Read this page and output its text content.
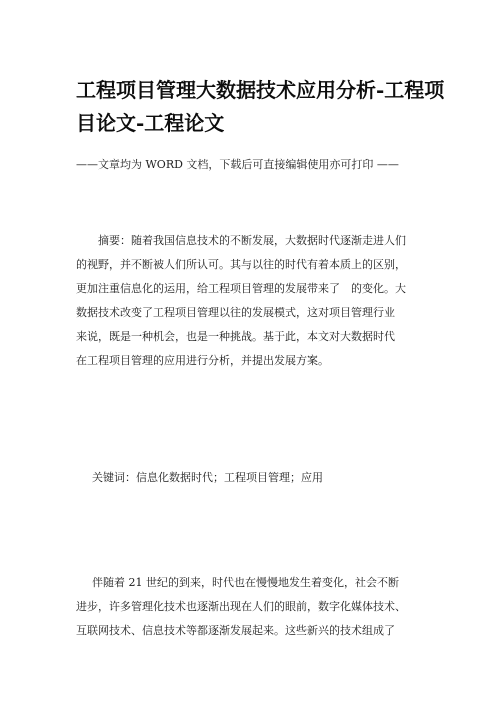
工程项目管理大数据技术应用分析-工程项
目论文-工程论文
——文章均为 WORD 文档，下载后可直接编辑使用亦可打印 ——
摘要：随着我国信息技术的不断发展，大数据时代逐渐走进人们
的视野，并不断被人们所认可。其与以往的时代有着本质上的区别，
更加注重信息化的运用，给工程项目管理的发展带来了　的变化。大
数据技术改变了工程项目管理以往的发展模式，这对项目管理行业
来说，既是一种机会，也是一种挑战。基于此，本文对大数据时代
在工程项目管理的应用进行分析，并提出发展方案。
关键词：信息化数据时代；工程项目管理；应用
伴随着 21 世纪的到来，时代也在慢慢地发生着变化，社会不断
进步，许多管理化技术也逐渐出现在人们的眼前，数字化媒体技术、
互联网技术、信息技术等都逐渐发展起来。这些新兴的技术组成了
